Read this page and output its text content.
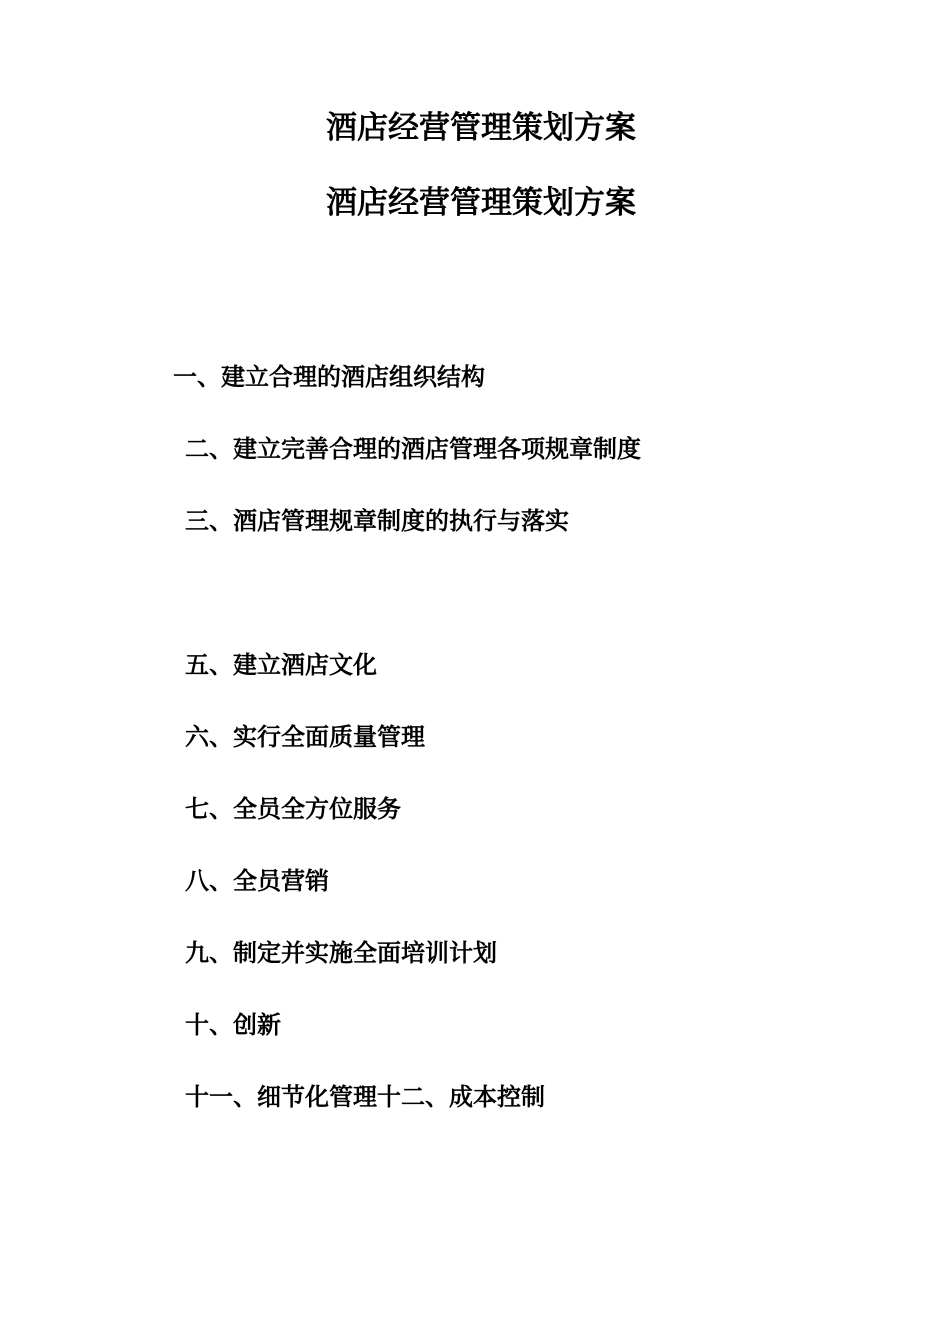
酒店经营管理策划方案
酒店经营管理策划方案
一、建立合理的酒店组织结构
二、建立完善合理的酒店管理各项规章制度
三、酒店管理规章制度的执行与落实
五、建立酒店文化
六、实行全面质量管理
七、全员全方位服务
八、全员营销
九、制定并实施全面培训计划
十、创新
十一、细节化管理十二、成本控制
